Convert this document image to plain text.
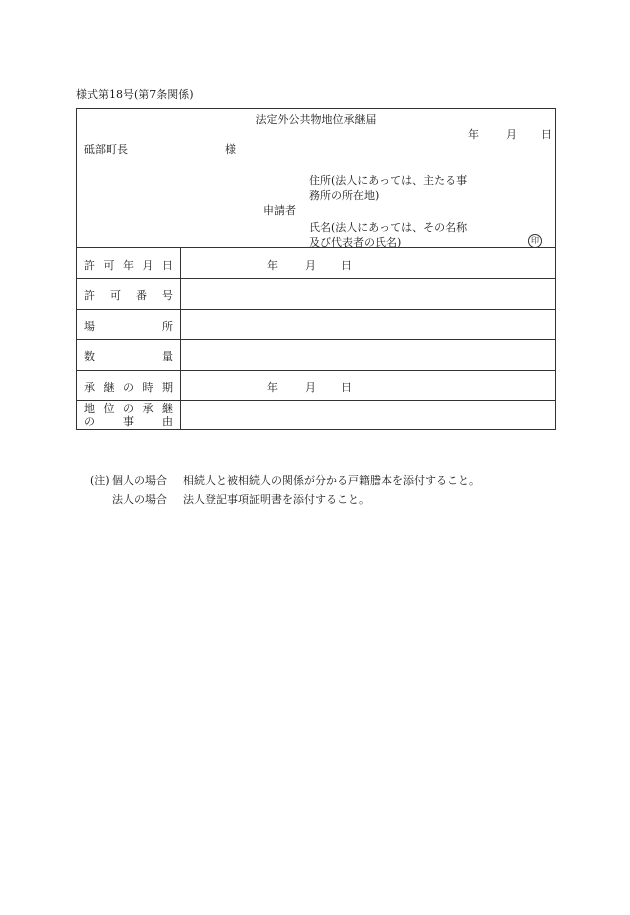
様式第18号(第7条関係)
法定外公共物地位承継届
年 月 日
砥部町長	様
住所(法人にあっては、主たる事
務所の所在地)
申請者
氏名(法人にあっては、その名称
及び代表者の氏名)	印
許 可 年 月 日	年 月 日
許 可 番 号
場	所
数	量
承 継 の 時 期	年 月 日
地 位 の 承 継
の	事	由
(注) 個人の場合 相続人と被相続人の関係が分かる戸籍謄本を添付すること。
法人の場合 法人登記事項証明書を添付すること。
